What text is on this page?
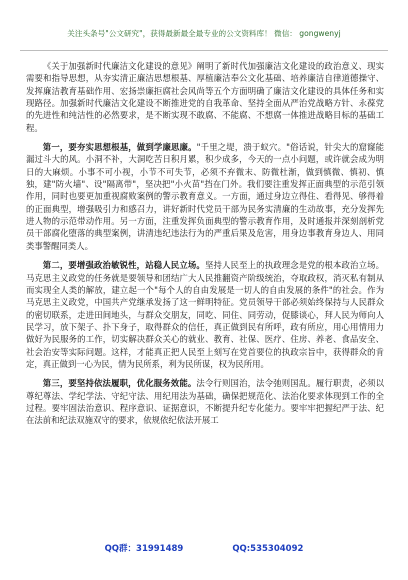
关注头条号"公文研究"，获得最新最全最专业的公文资料库！ 微信： gongwenyj

《关于加强新时代廉洁文化建设的意见》阐明了新时代加强廉洁文化建设的政治意义、现实需要和指导思想，从夯实清正廉洁思想根基、厚植廉洁奉公文化基础、培养廉洁自律道德操守、发挥廉洁教育基础作用、宏扬崇廉拒腐社会风尚等五个方面明确了廉洁文化建设的具体任务和实现路径。加强新时代廉洁文化建设不断推进党的自我革命、坚持全面从严治党战略方针、永葆党的先进性和纯洁性的必然要求，是不断实现不敢腐、不能腐、不想腐一体推进战略目标的基础工程。

第一，要夯实思想根基，做到学廉思廉。"千里之堤，溃于蚁穴。"俗话说，针尖大的窟窿能漏过斗大的风。小洞不补，大洞吃苦日积月累，积少成多，今天的一点小问题，或许就会成为明日的大麻烦。小事不可小视，小节不可失节，必须不弃微末、防微杜渐，做到慎微、慎初、慎独，建"防火墙"、设"隔离带"，坚决把"小火苗"挡在门外。我们要注重发挥正面典型的示范引领作用，同时也要更加重视腐败案例的警示教育意义。一方面，通过身边立得住、看得见、够得着的正面典型，增强吸引力和感召力，讲好新时代党员干部为民务实清廉的生动故事，充分发挥先进人物的示范带动作用。另一方面，注重发挥负面典型的警示教育作用，及时通报并深刻剖析党员干部腐化堕落的典型案例，讲清违纪违法行为的严重后果及危害，用身边事教育身边人、用同类事警醒同类人。

第二，要增强政治敏锐性，站稳人民立场。坚持人民至上的执政理念是党的根本政治立场。马克思主义政党的任务就是要领导和团结广大人民推翻资产阶级统治，夺取政权，消灭私有制从而实现全人类的解放，建立起一个"每个人的自由发展是一切人的自由发展的条件"的社会。作为马克思主义政党，中国共产党继承发扬了这一鲜明特征。党员领导干部必须始终保持与人民群众的密切联系，走进田间地头，与群众交朋友，同吃、同住、同劳动，促膝谈心，拜人民为师向人民学习，放下架子、扑下身子，取得群众的信任，真正做到民有所呼，政有所应，用心用情用力做好为民服务的工作，切实解决群众关心的就业、教育、社保、医疗、住房、养老、食品安全、社会治安等实际问题。这样，才能真正把人民至上刻写在党首要位的执政宗旨中，获得群众的肯定，真正做到一心为民，情为民所系，利为民所谋，权为民所用。

第三，要坚持依法履职，优化服务效能。法令行则国治，法令弛则国乱。履行职责，必须以尊纪尊法、学纪学法、守纪守法、用纪用法为基础，确保把规范化、法治化要求体现到工作的全过程。要牢固法治意识、程序意识、证据意识，不断提升纪专化能力。要牢牢把握纪严于法、纪在法前和纪法双施双守的要求，依规依纪依法开展工

QQ群：31991489	QQ:535304092
